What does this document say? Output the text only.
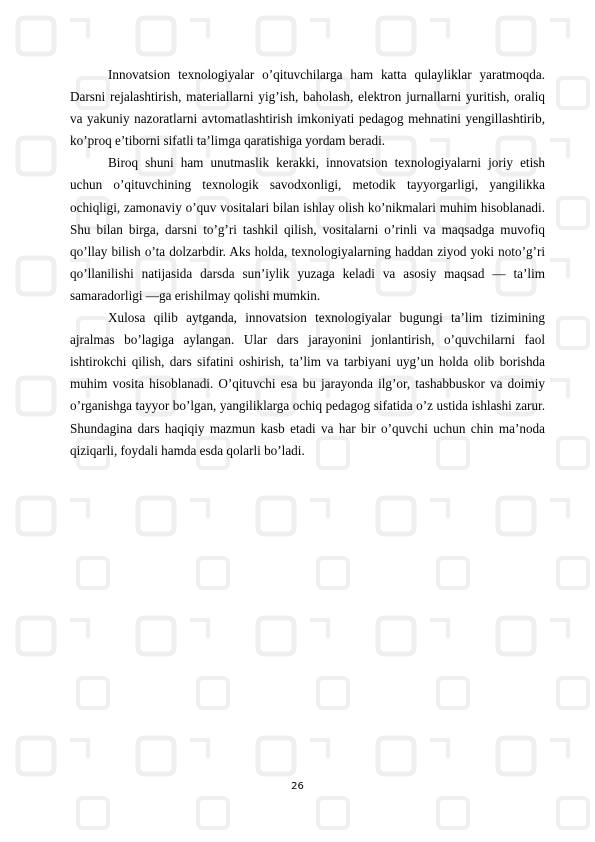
Innovatsion texnologiyalar o’qituvchilarga ham katta qulayliklar yaratmoqda. Darsni rejalashtirish, materiallarni yig’ish, baholash, elektron jurnallarni yuritish, oraliq va yakuniy nazoratlarni avtomatlashtirish imkoniyati pedagog mehnatini yengillashtirib, ko’proq e’tiborni sifatli ta’limga qaratishiga yordam beradi.

Biroq shuni ham unutmaslik kerakki, innovatsion texnologiyalarni joriy etish uchun o’qituvchining texnologik savodxonligi, metodik tayyorgarligi, yangilikka ochiqligi, zamonaviy o’quv vositalari bilan ishlay olish ko’nikmalari muhim hisoblanadi. Shu bilan birga, darsni to’g’ri tashkil qilish, vositalarni o’rinli va maqsadga muvofiq qo’llay bilish o’ta dolzarbdir. Aks holda, texnologiyalarning haddan ziyod yoki noto’g’ri qo’llanilishi natijasida darsda sun’iylik yuzaga keladi va asosiy maqsad — ta’lim samaradorligi —ga erishilmay qolishi mumkin.

Xulosa qilib aytganda, innovatsion texnologiyalar bugungi ta’lim tizimining ajralmas bo’lagiga aylangan. Ular dars jarayonini jonlantirish, o’quvchilarni faol ishtirokchi qilish, dars sifatini oshirish, ta’lim va tarbiyani uyg’un holda olib borishda muhim vosita hisoblanadi. O’qituvchi esa bu jarayonda ilg’or, tashabbuskor va doimiy o’rganishga tayyor bo’lgan, yangiliklarga ochiq pedagog sifatida o’z ustida ishlashi zarur. Shundagina dars haqiqiy mazmun kasb etadi va har bir o’quvchi uchun chin ma’noda qiziqarli, foydali hamda esda qolarli bo’ladi.

26
